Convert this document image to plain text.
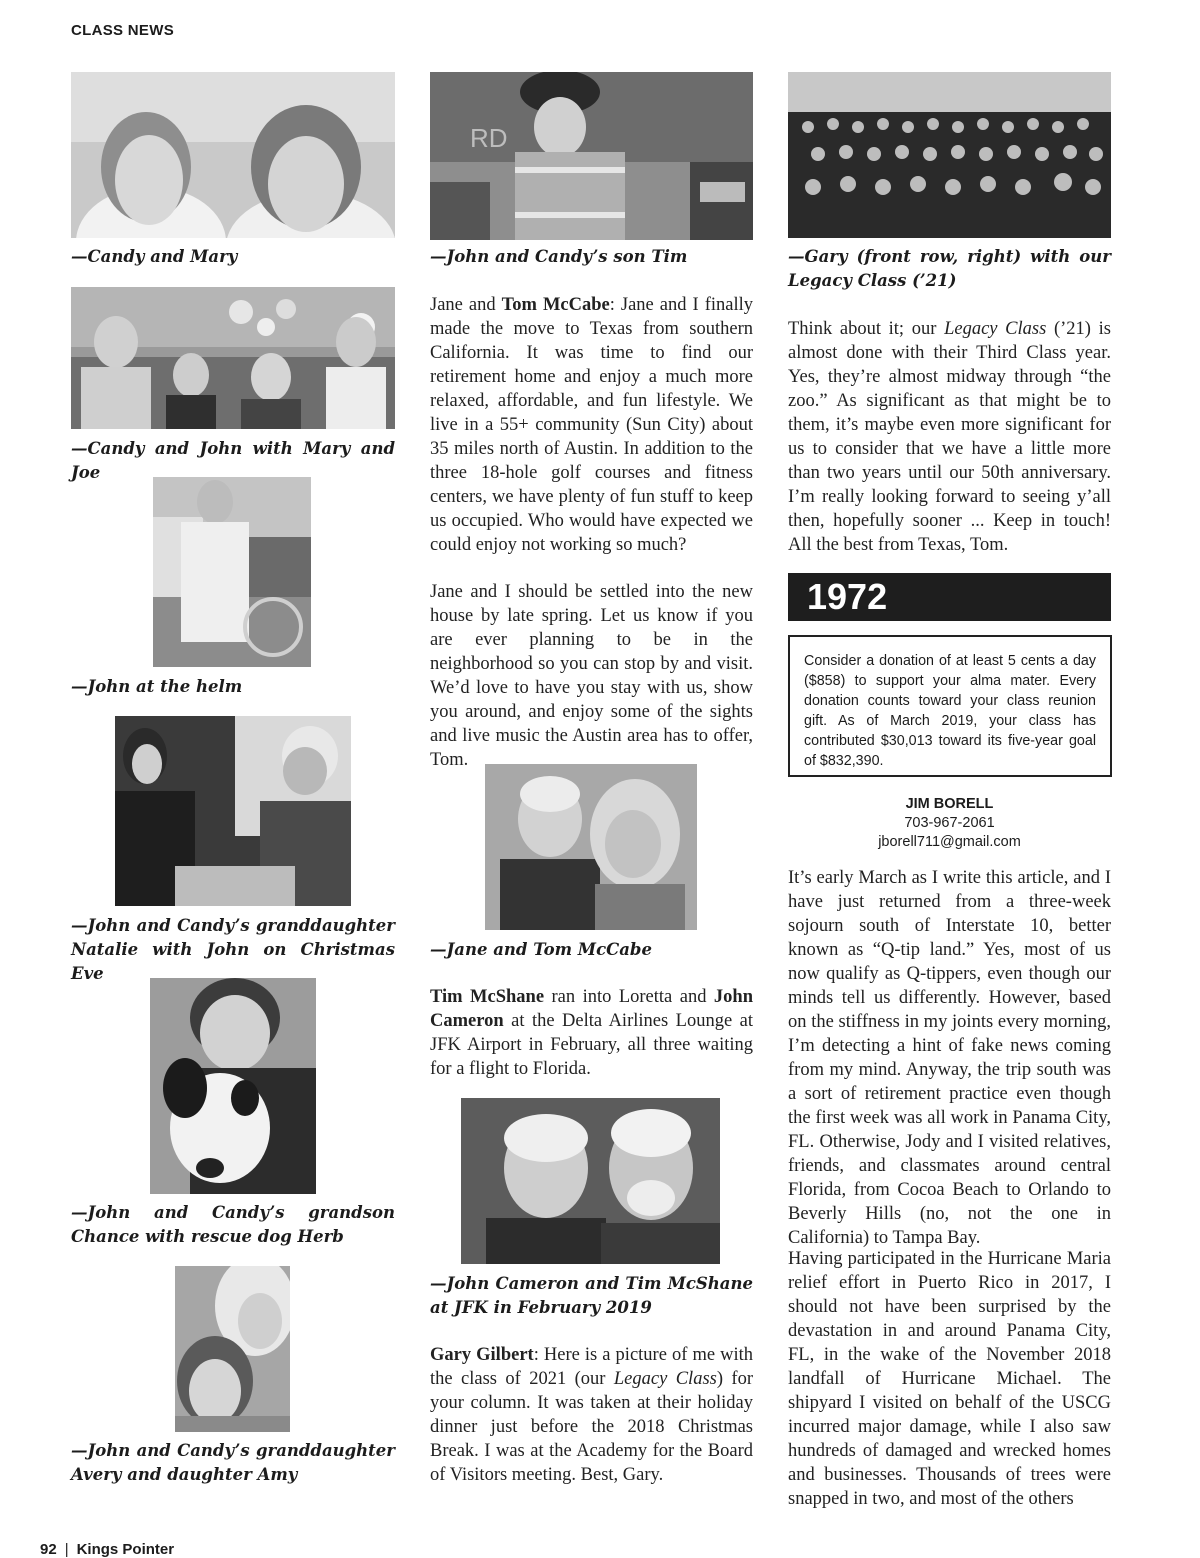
CLASS NEWS
—Candy and Mary
—Candy and John with Mary and Joe
—John at the helm
—John and Candy’s granddaughter Natalie with John on Christmas Eve
—John and Candy’s grandson Chance with rescue dog Herb
—John and Candy’s granddaughter Avery and daughter Amy
RD
—John and Candy’s son Tim
Jane and Tom McCabe: Jane and I finally made the move to Texas from southern California. It was time to find our retirement home and enjoy a much more relaxed, affordable, and fun lifestyle. We live in a 55+ community (Sun City) about 35 miles north of Austin. In addition to the three 18-hole golf courses and fitness centers, we have plenty of fun stuff to keep us occupied. Who would have expected we could enjoy not working so much?
Jane and I should be settled into the new house by late spring. Let us know if you are ever planning to be in the neighborhood so you can stop by and visit. We’d love to have you stay with us, show you around, and enjoy some of the sights and live music the Austin area has to offer, Tom.
—Jane and Tom McCabe
Tim McShane ran into Loretta and John Cameron at the Delta Airlines Lounge at JFK Airport in February, all three waiting for a flight to Florida.
—John Cameron and Tim McShane at JFK in February 2019
Gary Gilbert: Here is a picture of me with the class of 2021 (our Legacy Class) for your column. It was taken at their holiday dinner just before the 2018 Christmas Break. I was at the Academy for the Board of Visitors meeting. Best, Gary.
—Gary (front row, right) with our Legacy Class (’21)
Think about it; our Legacy Class (’21) is almost done with their Third Class year. Yes, they’re almost midway through “the zoo.” As significant as that might be to them, it’s maybe even more significant for us to consider that we have a little more than two years until our 50th anniversary. I’m really looking forward to seeing y’all then, hopefully sooner ... Keep in touch! All the best from Texas, Tom.
1972

Consider a donation of at least 5 cents a day ($858) to support your alma mater. Every donation counts toward your class reunion gift. As of March 2019, your class has contributed $30,013 toward its five-year goal of $832,390.

JIM BORELL
703-967-2061
jborell711@gmail.com
It’s early March as I write this article, and I have just returned from a three-week sojourn south of Interstate 10, better known as “Q-tip land.” Yes, most of us now qualify as Q-tippers, even though our minds tell us differently. However, based on the stiffness in my joints every morning, I’m detecting a hint of fake news coming from my mind. Anyway, the trip south was a sort of retirement practice even though the first week was all work in Panama City, FL. Otherwise, Jody and I visited relatives, friends, and classmates around central Florida, from Cocoa Beach to Orlando to Beverly Hills (no, not the one in California) to Tampa Bay.
Having participated in the Hurricane Maria relief effort in Puerto Rico in 2017, I should not have been surprised by the devastation in and around Panama City, FL, in the wake of the November 2018 landfall of Hurricane Michael. The shipyard I visited on behalf of the USCG incurred major damage, while I also saw hundreds of damaged and wrecked homes and businesses. Thousands of trees were snapped in two, and most of the others
92 | Kings Pointer
